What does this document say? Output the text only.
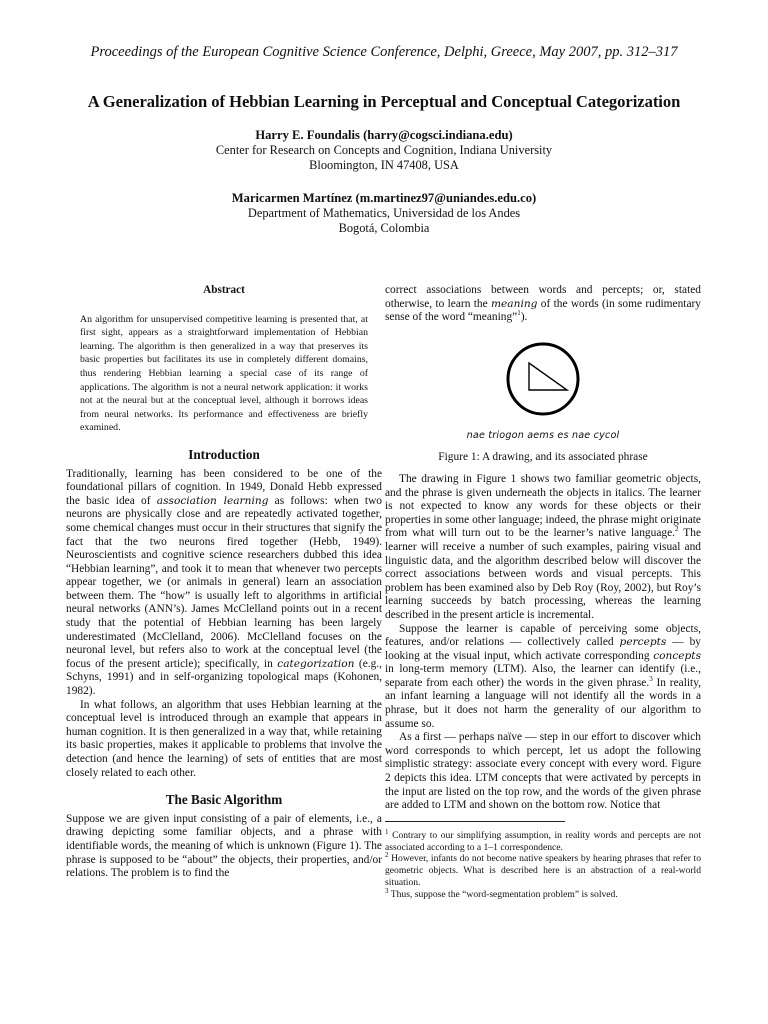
Proceedings of the European Cognitive Science Conference, Delphi, Greece, May 2007, pp. 312–317
A Generalization of Hebbian Learning in Perceptual and Conceptual Categorization
Harry E. Foundalis (harry@cogsci.indiana.edu)
Center for Research on Concepts and Cognition, Indiana University
Bloomington, IN 47408, USA
Maricarmen Martínez (m.martinez97@uniandes.edu.co)
Department of Mathematics, Universidad de los Andes
Bogotá, Colombia
Abstract

An algorithm for unsupervised competitive learning is presented that, at first sight, appears as a straightforward implementation of Hebbian learning. The algorithm is then generalized in a way that preserves its basic properties but facilitates its use in completely different domains, thus rendering Hebbian learning a special case of its range of applications. The algorithm is not a neural network application: it works not at the neural but at the conceptual level, although it borrows ideas from neural networks. Its performance and effectiveness are briefly examined.

Introduction

Traditionally, learning has been considered to be one of the foundational pillars of cognition. In 1949, Donald Hebb expressed the basic idea of association learning as follows: when two neurons are physically close and are repeatedly activated together, some chemical changes must occur in their structures that signify the fact that the two neurons fired together (Hebb, 1949). Neuroscientists and cognitive science researchers dubbed this idea “Hebbian learning”, and took it to mean that whenever two percepts appear together, we (or animals in general) learn an association between them. The “how” is usually left to algorithms in artificial neural networks (ANN’s). James McClelland points out in a recent study that the potential of Hebbian learning has been largely underestimated (McClelland, 2006). McClelland focuses on the neuronal level, but refers also to work at the conceptual level (the focus of the present article); specifically, in categorization (e.g., Schyns, 1991) and in self-organizing topological maps (Kohonen, 1982).

In what follows, an algorithm that uses Hebbian learning at the conceptual level is introduced through an example that appears in human cognition. It is then generalized in a way that, while retaining its basic properties, makes it applicable to problems that involve the detection (and hence the learning) of sets of entities that are most closely related to each other.

The Basic Algorithm

Suppose we are given input consisting of a pair of elements, i.e., a drawing depicting some familiar objects, and a phrase with identifiable words, the meaning of which is unknown (Figure 1). The phrase is supposed to be “about” the objects, their properties, and/or relations. The problem is to find the

correct associations between words and percepts; or, stated otherwise, to learn the meaning of the words (in some rudimentary sense of the word “meaning”$^1$).

nae triogon aems es nae cycol
Figure 1: A drawing, and its associated phrase

The drawing in Figure 1 shows two familiar geometric objects, and the phrase is given underneath the objects in italics. The learner is not expected to know any words for these objects or their properties in some other language; indeed, the phrase might originate from what will turn out to be the learner’s native language.$^2$ The learner will receive a number of such examples, pairing visual and linguistic data, and the algorithm described below will discover the correct associations between words and visual percepts. This problem has been examined also by Deb Roy (Roy, 2002), but Roy’s learning succeeds by batch processing, whereas the learning described in the present article is incremental.

Suppose the learner is capable of perceiving some objects, features, and/or relations — collectively called percepts — by looking at the visual input, which activate corresponding concepts in long-term memory (LTM). Also, the learner can identify (i.e., separate from each other) the words in the given phrase.$^3$ In reality, an infant learning a language will not identify all the words in a phrase, but it does not harm the generality of our algorithm to assume so.

As a first — perhaps naïve — step in our effort to discover which word corresponds to which percept, let us adopt the following simplistic strategy: associate every concept with every word. Figure 2 depicts this idea. LTM concepts that were activated by percepts in the input are listed on the top row, and the words of the given phrase are added to LTM and shown on the bottom row. Notice that

$^1$ Contrary to our simplifying assumption, in reality words and percepts are not associated according to a 1–1 correspondence.

$^2$ However, infants do not become native speakers by hearing phrases that refer to geometric objects. What is described here is an abstraction of a real-world situation.

$^3$ Thus, suppose the “word-segmentation problem” is solved.
